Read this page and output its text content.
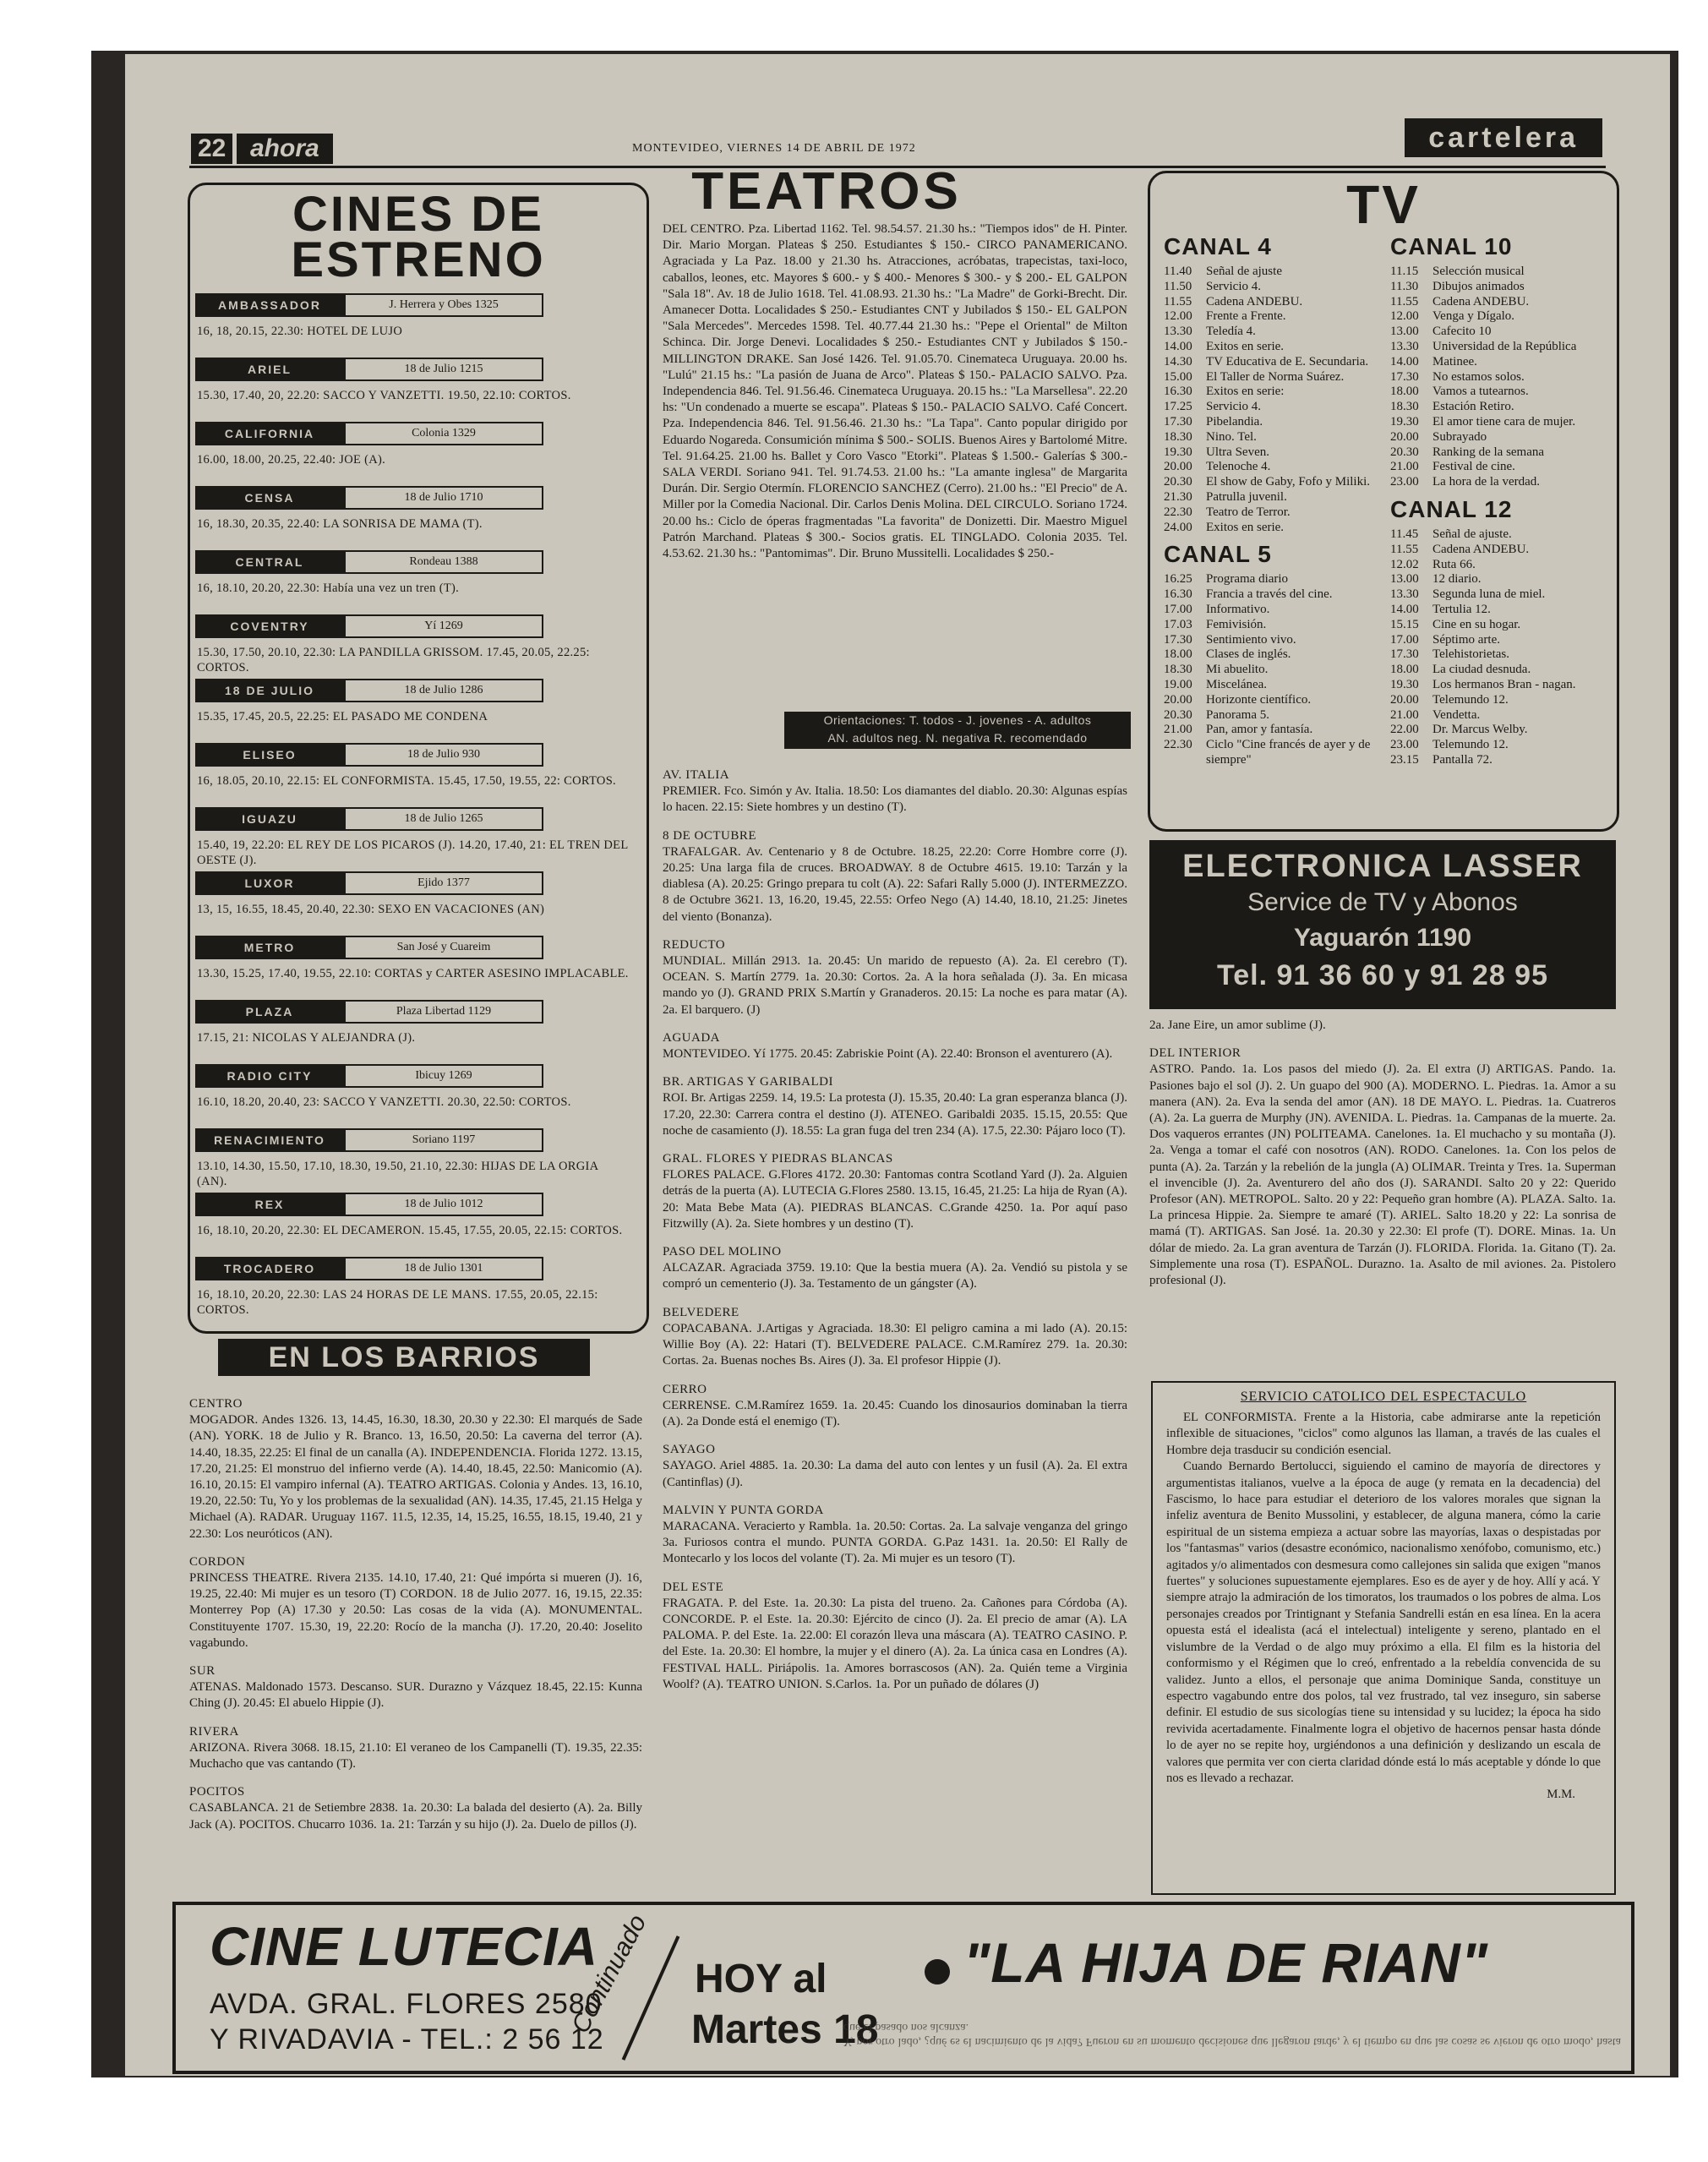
22 ahora	MONTEVIDEO, VIERNES 14 DE ABRIL DE 1972	cartelera
CINES DE
ESTRENO
AMBASSADOR	J. Herrera y Obes 1325
16, 18, 20.15, 22.30: HOTEL DE LUJO
ARIEL	18 de Julio 1215
15.30, 17.40, 20, 22.20: SACCO Y VANZETTI. 19.50, 22.10: CORTOS.
CALIFORNIA	Colonia 1329
16.00, 18.00, 20.25, 22.40: JOE (A).
CENSA	18 de Julio 1710
16, 18.30, 20.35, 22.40: LA SONRISA DE MAMA (T).
CENTRAL	Rondeau 1388
16, 18.10, 20.20, 22.30: Había una vez un tren (T).
COVENTRY	Yí 1269
15.30, 17.50, 20.10, 22.30: LA PANDILLA GRISSOM. 17.45, 20.05, 22.25: CORTOS.
18 DE JULIO	18 de Julio 1286
15.35, 17.45, 20.5, 22.25: EL PASADO ME CONDENA
ELISEO	18 de Julio 930
16, 18.05, 20.10, 22.15: EL CONFORMISTA. 15.45, 17.50, 19.55, 22: CORTOS.
IGUAZU	18 de Julio 1265
15.40, 19, 22.20: EL REY DE LOS PICAROS (J). 14.20, 17.40, 21: EL TREN DEL OESTE (J).
LUXOR	Ejido 1377
13, 15, 16.55, 18.45, 20.40, 22.30: SEXO EN VACACIONES (AN)
METRO	San José y Cuareim
13.30, 15.25, 17.40, 19.55, 22.10: CORTAS y CARTER ASESINO IMPLACABLE.
PLAZA	Plaza Libertad 1129
17.15, 21: NICOLAS Y ALEJANDRA (J).
RADIO CITY	Ibicuy 1269
16.10, 18.20, 20.40, 23: SACCO Y VANZETTI. 20.30, 22.50: CORTOS.
RENACIMIENTO	Soriano 1197
13.10, 14.30, 15.50, 17.10, 18.30, 19.50, 21.10, 22.30: HIJAS DE LA ORGIA (AN).
REX	18 de Julio 1012
16, 18.10, 20.20, 22.30: EL DECAMERON. 15.45, 17.55, 20.05, 22.15: CORTOS.
TROCADERO	18 de Julio 1301
16, 18.10, 20.20, 22.30: LAS 24 HORAS DE LE MANS. 17.55, 20.05, 22.15: CORTOS.
EN LOS BARRIOS
CENTRO

MOGADOR. Andes 1326. 13, 14.45, 16.30, 18.30, 20.30 y 22.30: El marqués de Sade (AN). YORK. 18 de Julio y R. Branco. 13, 16.50, 20.50: La caverna del terror (A). 14.40, 18.35, 22.25: El final de un canalla (A). INDEPENDENCIA. Florida 1272. 13.15, 17.20, 21.25: El monstruo del infierno verde (A). 14.40, 18.45, 22.50: Manicomio (A). 16.10, 20.15: El vampiro infernal (A). TEATRO ARTIGAS. Colonia y Andes. 13, 16.10, 19.20, 22.50: Tu, Yo y los problemas de la sexualidad (AN). 14.35, 17.45, 21.15 Helga y Michael (A). RADAR. Uruguay 1167. 11.5, 12.35, 14, 15.25, 16.55, 18.15, 19.40, 21 y 22.30: Los neuróticos (AN).

CORDON

PRINCESS THEATRE. Rivera 2135. 14.10, 17.40, 21: Qué impórta si mueren (J). 16, 19.25, 22.40: Mi mujer es un tesoro (T) CORDON. 18 de Julio 2077. 16, 19.15, 22.35: Monterrey Pop (A) 17.30 y 20.50: Las cosas de la vida (A). MONUMENTAL. Constituyente 1707. 15.30, 19, 22.20: Rocío de la mancha (J). 17.20, 20.40: Joselito vagabundo.

SUR

ATENAS. Maldonado 1573. Descanso. SUR. Durazno y Vázquez 18.45, 22.15: Kunna Ching (J). 20.45: El abuelo Hippie (J).

RIVERA

ARIZONA. Rivera 3068. 18.15, 21.10: El veraneo de los Campanelli (T). 19.35, 22.35: Muchacho que vas cantando (T).

POCITOS

CASABLANCA. 21 de Setiembre 2838. 1a. 20.30: La balada del desierto (A). 2a. Billy Jack (A). POCITOS. Chucarro 1036. 1a. 21: Tarzán y su hijo (J). 2a. Duelo de pillos (J).

TEATROS

DEL CENTRO. Pza. Libertad 1162. Tel. 98.54.57. 21.30 hs.: "Tiempos idos" de H. Pinter. Dir. Mario Morgan. Plateas $ 250. Estudiantes $ 150.- CIRCO PANAMERICANO. Agraciada y La Paz. 18.00 y 21.30 hs. Atracciones, acróbatas, trapecistas, taxi-loco, caballos, leones, etc. Mayores $ 600.- y $ 400.- Menores $ 300.- y $ 200.- EL GALPON "Sala 18". Av. 18 de Julio 1618. Tel. 41.08.93. 21.30 hs.: "La Madre" de Gorki-Brecht. Dir. Amanecer Dotta. Localidades $ 250.- Estudiantes CNT y Jubilados $ 150.- EL GALPON "Sala Mercedes". Mercedes 1598. Tel. 40.77.44 21.30 hs.: "Pepe el Oriental" de Milton Schinca. Dir. Jorge Denevi. Localidades $ 250.- Estudiantes CNT y Jubilados $ 150.- MILLINGTON DRAKE. San José 1426. Tel. 91.05.70. Cinemateca Uruguaya. 20.00 hs. "Lulú" 21.15 hs.: "La pasión de Juana de Arco". Plateas $ 150.- PALACIO SALVO. Pza. Independencia 846. Tel. 91.56.46. Cinemateca Uruguaya. 20.15 hs.: "La Marsellesa". 22.20 hs: "Un condenado a muerte se escapa". Plateas $ 150.- PALACIO SALVO. Café Concert. Pza. Independencia 846. Tel. 91.56.46. 21.30 hs.: "La Tapa". Canto popular dirigido por Eduardo Nogareda. Consumición mínima $ 500.- SOLIS. Buenos Aires y Bartolomé Mitre. Tel. 91.64.25. 21.00 hs. Ballet y Coro Vasco "Etorki". Plateas $ 1.500.- Galerías $ 300.- SALA VERDI. Soriano 941. Tel. 91.74.53. 21.00 hs.: "La amante inglesa" de Margarita Durán. Dir. Sergio Otermín. FLORENCIO SANCHEZ (Cerro). 21.00 hs.: "El Precio" de A. Miller por la Comedia Nacional. Dir. Carlos Denis Molina. DEL CIRCULO. Soriano 1724. 20.00 hs.: Ciclo de óperas fragmentadas "La favorita" de Donizetti. Dir. Maestro Miguel Patrón Marchand. Plateas $ 300.- Socios gratis. EL TINGLADO. Colonia 2035. Tel. 4.53.62. 21.30 hs.: "Pantomimas". Dir. Bruno Mussitelli. Localidades $ 250.-

Orientaciones: T. todos - J. jovenes - A. adultos
AN. adultos neg. N. negativa R. recomendado
AV. ITALIA

PREMIER. Fco. Simón y Av. Italia. 18.50: Los diamantes del diablo. 20.30: Algunas espías lo hacen. 22.15: Siete hombres y un destino (T).

8 DE OCTUBRE

TRAFALGAR. Av. Centenario y 8 de Octubre. 18.25, 22.20: Corre Hombre corre (J). 20.25: Una larga fila de cruces. BROADWAY. 8 de Octubre 4615. 19.10: Tarzán y la diablesa (A). 20.25: Gringo prepara tu colt (A). 22: Safari Rally 5.000 (J). INTERMEZZO. 8 de Octubre 3621. 13, 16.20, 19.45, 22.55: Orfeo Nego (A) 14.40, 18.10, 21.25: Jinetes del viento (Bonanza).

REDUCTO

MUNDIAL. Millán 2913. 1a. 20.45: Un marido de repuesto (A). 2a. El cerebro (T). OCEAN. S. Martín 2779. 1a. 20.30: Cortos. 2a. A la hora señalada (J). 3a. En micasa mando yo (J). GRAND PRIX S.Martín y Granaderos. 20.15: La noche es para matar (A). 2a. El barquero. (J)

AGUADA

MONTEVIDEO. Yí 1775. 20.45: Zabriskie Point (A). 22.40: Bronson el aventurero (A).

BR. ARTIGAS Y GARIBALDI

ROI. Br. Artigas 2259. 14, 19.5: La protesta (J). 15.35, 20.40: La gran esperanza blanca (J). 17.20, 22.30: Carrera contra el destino (J). ATENEO. Garibaldi 2035. 15.15, 20.55: Que noche de casamiento (J). 18.55: La gran fuga del tren 234 (A). 17.5, 22.30: Pájaro loco (T).

GRAL. FLORES Y PIEDRAS BLANCAS

FLORES PALACE. G.Flores 4172. 20.30: Fantomas contra Scotland Yard (J). 2a. Alguien detrás de la puerta (A). LUTECIA G.Flores 2580. 13.15, 16.45, 21.25: La hija de Ryan (A). 20: Mata Bebe Mata (A). PIEDRAS BLANCAS. C.Grande 4250. 1a. Por aquí paso Fitzwilly (A). 2a. Siete hombres y un destino (T).

PASO DEL MOLINO

ALCAZAR. Agraciada 3759. 19.10: Que la bestia muera (A). 2a. Vendió su pistola y se compró un cementerio (J). 3a. Testamento de un gángster (A).

BELVEDERE

COPACABANA. J.Artigas y Agraciada. 18.30: El peligro camina a mi lado (A). 20.15: Willie Boy (A). 22: Hatari (T). BELVEDERE PALACE. C.M.Ramírez 279. 1a. 20.30: Cortas. 2a. Buenas noches Bs. Aires (J). 3a. El profesor Hippie (J).

CERRO

CERRENSE. C.M.Ramírez 1659. 1a. 20.45: Cuando los dinosaurios dominaban la tierra (A). 2a Donde está el enemigo (T).

SAYAGO

SAYAGO. Ariel 4885. 1a. 20.30: La dama del auto con lentes y un fusil (A). 2a. El extra (Cantinflas) (J).

MALVIN Y PUNTA GORDA

MARACANA. Veracierto y Rambla. 1a. 20.50: Cortas. 2a. La salvaje venganza del gringo 3a. Furiosos contra el mundo. PUNTA GORDA. G.Paz 1431. 1a. 20.50: El Rally de Montecarlo y los locos del volante (T). 2a. Mi mujer es un tesoro (T).

DEL ESTE

FRAGATA. P. del Este. 1a. 20.30: La pista del trueno. 2a. Cañones para Córdoba (A). CONCORDE. P. el Este. 1a. 20.30: Ejército de cinco (J). 2a. El precio de amar (A). LA PALOMA. P. del Este. 1a. 22.00: El corazón lleva una máscara (A). TEATRO CASINO. P. del Este. 1a. 20.30: El hombre, la mujer y el dinero (A). 2a. La única casa en Londres (A). FESTIVAL HALL. Piriápolis. 1a. Amores borrascosos (AN). 2a. Quién teme a Virginia Woolf? (A). TEATRO UNION. S.Carlos. 1a. Por un puñado de dólares (J)

TV
CANAL 4
11.40	Señal de ajuste
11.50	Servicio 4.
11.55	Cadena ANDEBU.
12.00	Frente a Frente.
13.30	Teledía 4.
14.00	Exitos en serie.
14.30	TV Educativa de E. Secundaria.
15.00	El Taller de Norma Suárez.
16.30	Exitos en serie:
17.25	Servicio 4.
17.30	Pibelandia.
18.30	Nino. Tel.
19.30	Ultra Seven.
20.00	Telenoche 4.
20.30	El show de Gaby, Fofo y Miliki.
21.30	Patrulla juvenil.
22.30	Teatro de Terror.
24.00	Exitos en serie.
CANAL 5
16.25	Programa diario
16.30	Francia a través del cine.
17.00	Informativo.
17.03	Femivisión.
17.30	Sentimiento vivo.
18.00	Clases de inglés.
18.30	Mi abuelito.
19.00	Miscelánea.
20.00	Horizonte científico.
20.30	Panorama 5.
21.00	Pan, amor y fantasía.
22.30	Ciclo "Cine francés de ayer y de siempre"
CANAL 10
11.15	Selección musical
11.30	Dibujos animados
11.55	Cadena ANDEBU.
12.00	Venga y Dígalo.
13.00	Cafecito 10
13.30	Universidad de la República
14.00	Matinee.
17.30	No estamos solos.
18.00	Vamos a tutearnos.
18.30	Estación Retiro.
19.30	El amor tiene cara de mujer.
20.00	Subrayado
20.30	Ranking de la semana
21.00	Festival de cine.
23.00	La hora de la verdad.
CANAL 12
11.45	Señal de ajuste.
11.55	Cadena ANDEBU.
12.02	Ruta 66.
13.00	12 diario.
13.30	Segunda luna de miel.
14.00	Tertulia 12.
15.15	Cine en su hogar.
17.00	Séptimo arte.
17.30	Telehistorietas.
18.00	La ciudad desnuda.
19.30	Los hermanos Bran - nagan.
20.00	Telemundo 12.
21.00	Vendetta.
22.00	Dr. Marcus Welby.
23.00	Telemundo 12.
23.15	Pantalla 72.
ELECTRONICA LASSER
Service de TV y Abonos
Yaguarón 1190
Tel. 91 36 60 y 91 28 95

2a. Jane Eire, un amor sublime (J).

DEL INTERIOR

ASTRO. Pando. 1a. Los pasos del miedo (J). 2a. El extra (J) ARTIGAS. Pando. 1a. Pasiones bajo el sol (J). 2. Un guapo del 900 (A). MODERNO. L. Piedras. 1a. Amor a su manera (AN). 2a. Eva la senda del amor (AN). 18 DE MAYO. L. Piedras. 1a. Cuatreros (A). 2a. La guerra de Murphy (JN). AVENIDA. L. Piedras. 1a. Campanas de la muerte. 2a. Dos vaqueros errantes (JN) POLITEAMA. Canelones. 1a. El muchacho y su montaña (J). 2a. Venga a tomar el café con nosotros (AN). RODO. Canelones. 1a. Con los pelos de punta (A). 2a. Tarzán y la rebelión de la jungla (A) OLIMAR. Treinta y Tres. 1a. Superman el invencible (J). 2a. Aventurero del año dos (J). SARANDI. Salto 20 y 22: Querido Profesor (AN). METROPOL. Salto. 20 y 22: Pequeño gran hombre (A). PLAZA. Salto. 1a. La princesa Hippie. 2a. Siempre te amaré (T). ARIEL. Salto 18.20 y 22: La sonrisa de mamá (T). ARTIGAS. San José. 1a. 20.30 y 22.30: El profe (T). DORE. Minas. 1a. Un dólar de miedo. 2a. La gran aventura de Tarzán (J). FLORIDA. Florida. 1a. Gitano (T). 2a. Simplemente una rosa (T). ESPAÑOL. Durazno. 1a. Asalto de mil aviones. 2a. Pistolero profesional (J).

SERVICIO CATOLICO DEL ESPECTACULO

EL CONFORMISTA. Frente a la Historia, cabe admirarse ante la repetición inflexible de situaciones, "ciclos" como algunos las llaman, a través de las cuales el Hombre deja trasducir su condición esencial.

Cuando Bernardo Bertolucci, siguiendo el camino de mayoría de directores y argumentistas italianos, vuelve a la época de auge (y remata en la decadencia) del Fascismo, lo hace para estudiar el deterioro de los valores morales que signan la infeliz aventura de Benito Mussolini, y establecer, de alguna manera, cómo la carie espiritual de un sistema empieza a actuar sobre las mayorías, laxas o despistadas por los "fantasmas" varios (desastre económico, nacionalismo xenófobo, comunismo, etc.) agitados y/o alimentados con desmesura como callejones sin salida que exigen "manos fuertes" y soluciones supuestamente ejemplares. Eso es de ayer y de hoy. Allí y acá. Y siempre atrajo la admiración de los timoratos, los traumados o los pobres de alma. Los personajes creados por Trintignant y Stefania Sandrelli están en esa línea. En la acera opuesta está el idealista (acá el intelectual) inteligente y sereno, plantado en el vislumbre de la Verdad o de algo muy próximo a ella. El film es la historia del conformismo y el Régimen que lo creó, enfrentado a la rebeldía convencida de su validez. Junto a ellos, el personaje que anima Dominique Sanda, constituye un espectro vagabundo entre dos polos, tal vez frustrado, tal vez inseguro, sin saberse definir. El estudio de sus sicologías tiene su intensidad y su lucidez; la época ha sido revivida acertadamente. Finalmente logra el objetivo de hacernos pensar hasta dónde lo de ayer no se repite hoy, urgiéndonos a una definición y deslizando un escala de valores que permita ver con cierta claridad dónde está lo más aceptable y dónde lo que nos es llevado a rechazar.

M.M.

CINE LUTECIA
AVDA. GRAL. FLORES 2580
Y RIVADAVIA - TEL.: 2 56 12
Continuado	HOY al
Martes 18
"LA HIJA DE RIAN"
Y, por otro lado, ¿qué es el nacimiento de la vida? Fueron en su momento decisiones que llegaron tarde, y el tiempo en que las cosas se vieron de otro modo, hasta que el pasado nos alcanza.
